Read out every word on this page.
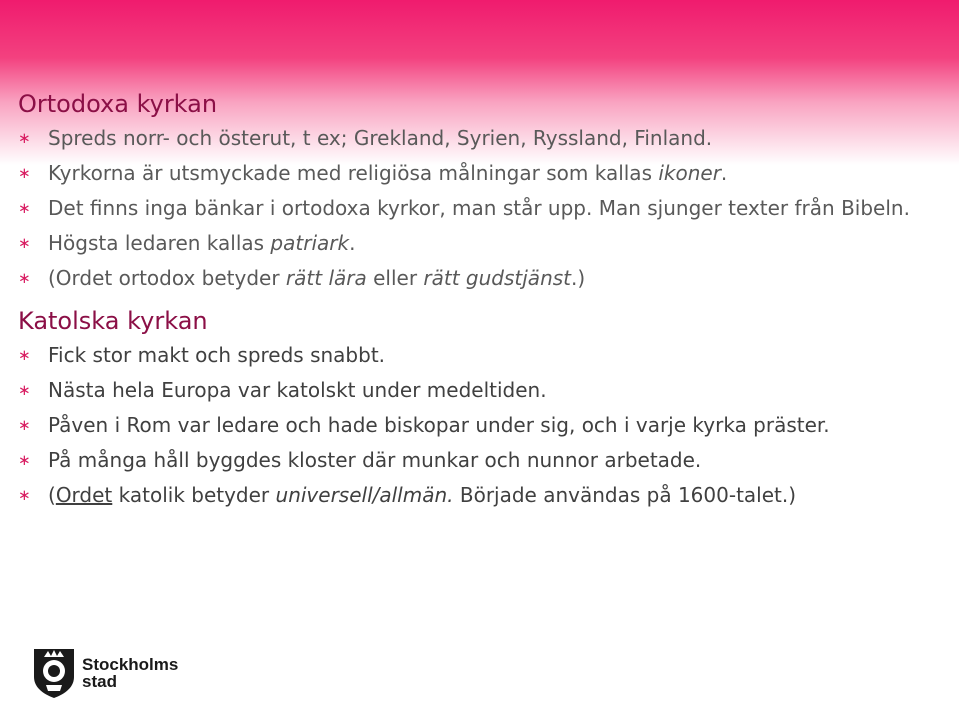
Ortodoxa kyrkan
∗ Spreds norr- och österut, t ex; Grekland, Syrien, Ryssland, Finland.
∗ Kyrkorna är utsmyckade med religiösa målningar som kallas ikoner.
∗ Det finns inga bänkar i ortodoxa kyrkor, man står upp. Man sjunger texter från Bibeln.
∗ Högsta ledaren kallas patriark.
∗ (Ordet ortodox betyder rätt lära eller rätt gudstjänst.)
Katolska kyrkan
∗ Fick stor makt och spreds snabbt.
∗ Nästa hela Europa var katolskt under medeltiden.
∗ Påven i Rom var ledare och hade biskopar under sig, och i varje kyrka präster.
∗ På många håll byggdes kloster där munkar och nunnor arbetade.
∗ (Ordet katolik betyder universell/allmän. Började användas på 1600-talet.)
Stockholms
stad
